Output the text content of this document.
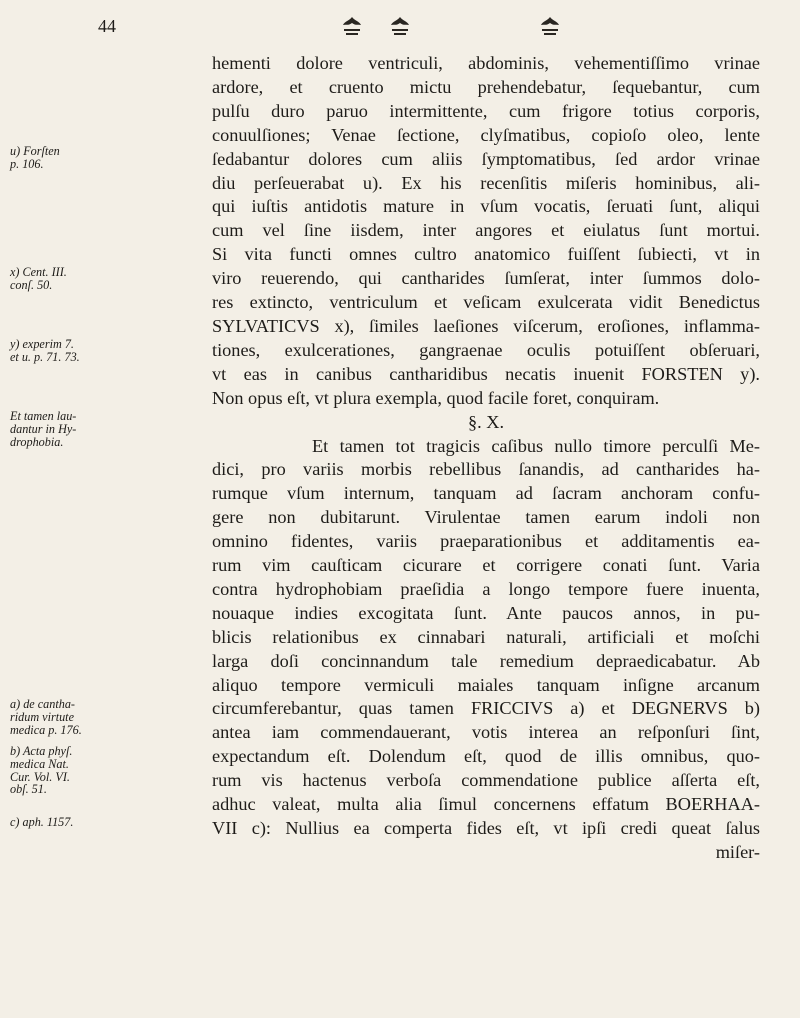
44
hementi dolore ventriculi, abdominis, vehementiſſimo vrinae
ardore, et cruento mictu prehendebatur, ſequebantur, cum
pulſu duro paruo intermittente, cum frigore totius corporis,
conuulſiones; Venae ſectione, clyſmatibus, copioſo oleo, lente
ſedabantur dolores cum aliis ſymptomatibus, ſed ardor vrinae
diu perſeuerabat u). Ex his recenſitis miſeris hominibus, ali-
qui iuſtis antidotis mature in vſum vocatis, ſeruati ſunt, aliqui
cum vel ſine iisdem, inter angores et eiulatus ſunt mortui.
Si vita functi omnes cultro anatomico fuiſſent ſubiecti, vt in
viro reuerendo, qui cantharides ſumſerat, inter ſummos dolo-
res extincto, ventriculum et veſicam exulcerata vidit Benedictus
SYLVATICVS x), ſimiles laeſiones viſcerum, eroſiones, inflamma-
tiones, exulcerationes, gangraenae oculis potuiſſent obſeruari,
vt eas in canibus cantharidibus necatis inuenit FORSTEN y).
Non opus eſt, vt plura exempla, quod facile foret, conquiram.
§. X.
Et tamen tot tragicis caſibus nullo timore perculſi Me-
dici, pro variis morbis rebellibus ſanandis, ad cantharides ha-
rumque vſum internum, tanquam ad ſacram anchoram confu-
gere non dubitarunt. Virulentae tamen earum indoli non
omnino fidentes, variis praeparationibus et additamentis ea-
rum vim cauſticam cicurare et corrigere conati ſunt. Varia
contra hydrophobiam praeſidia a longo tempore fuere inuenta,
nouaque indies excogitata ſunt. Ante paucos annos, in pu-
blicis relationibus ex cinnabari naturali, artificiali et moſchi
larga doſi concinnandum tale remedium depraedicabatur. Ab
aliquo tempore vermiculi maiales tanquam inſigne arcanum
circumferebantur, quas tamen FRICCIVS a) et DEGNERVS b)
antea iam commendauerant, votis interea an reſponſuri ſint,
expectandum eſt. Dolendum eſt, quod de illis omnibus, quo-
rum vis hactenus verboſa commendatione publice aſſerta eſt,
adhuc valeat, multa alia ſimul concernens effatum BOERHAA-
VII c): Nullius ea comperta fides eſt, vt ipſi credi queat ſalus
miſer-
u) Forſten
p. 106.
x) Cent. III.
conſ. 50.
y) experim 7.
et u. p. 71. 73.
Et tamen lau-
dantur in Hy-
drophobia.
a) de cantha-
ridum virtute
medica p. 176.
b) Acta phyſ.
medica Nat.
Cur. Vol. VI.
obſ. 51.
c) aph. 1157.
